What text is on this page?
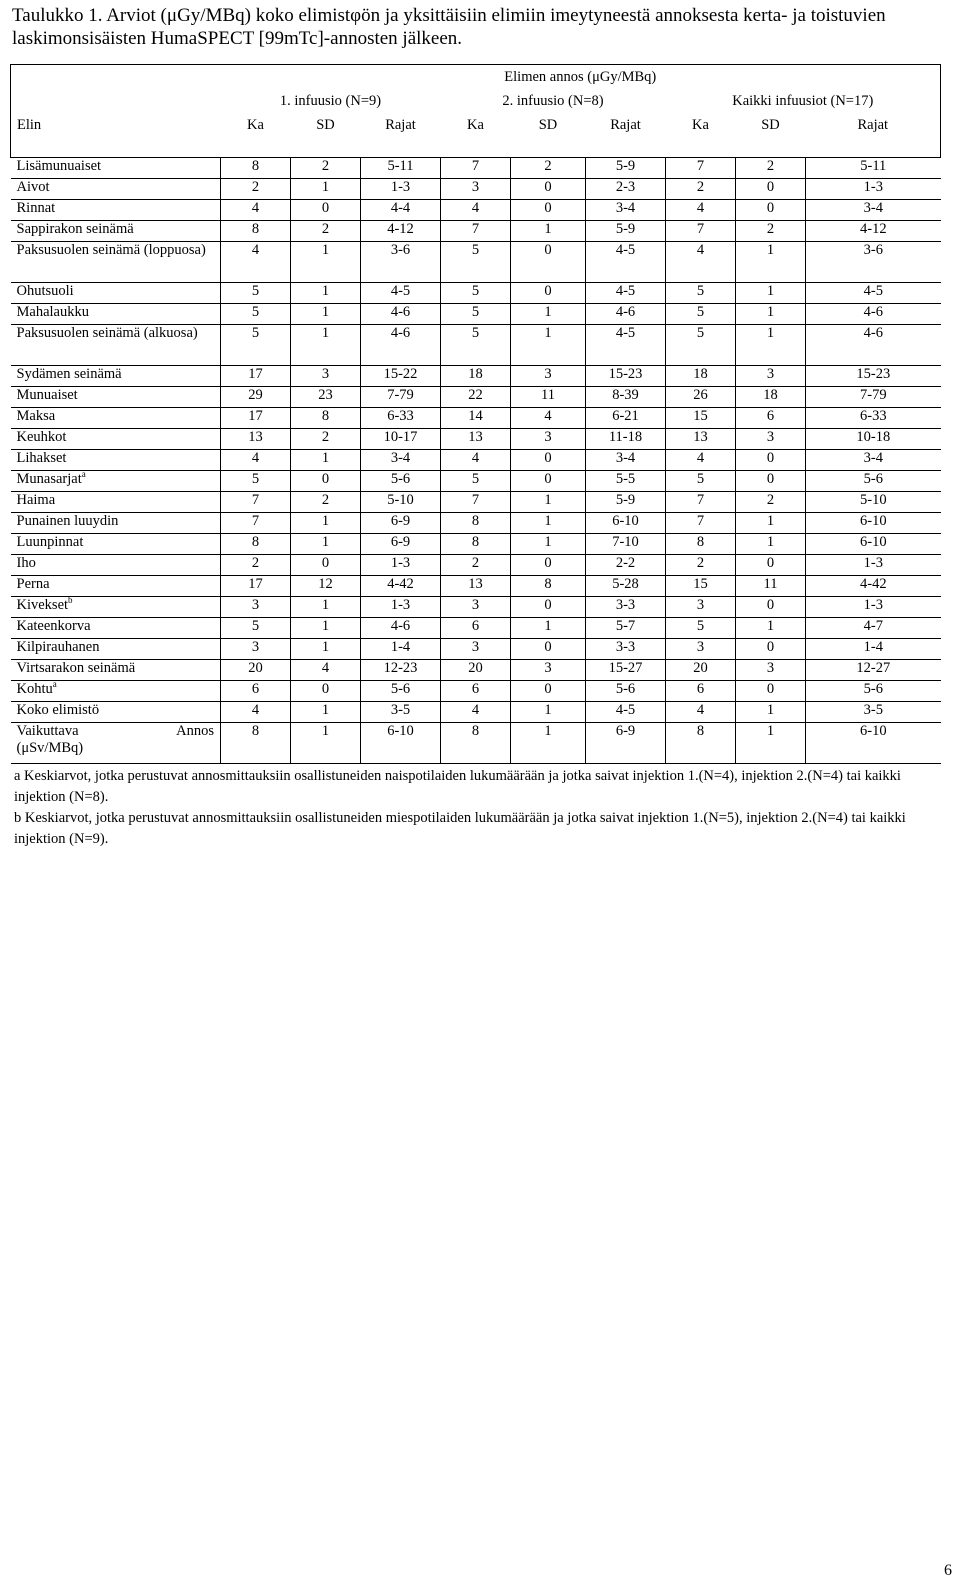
Taulukko 1. Arviot (μGy/MBq) koko elimistφön ja yksittäisiin elimiin imeytyneestä annoksesta kerta- ja toistuvien laskimonsisäisten HumaSPECT [99mTc]-annosten jälkeen.
	Elimen annos (μGy/MBq)								
	1. infuusio (N=9)			2. infuusio (N=8)			Kaikki infuusiot (N=17)		
Elin	Ka	SD	Rajat	Ka	SD	Rajat	Ka	SD	Rajat

Lisämunuaiset	8	2	5-11	7	2	5-9	7	2	5-11
Aivot	2	1	1-3	3	0	2-3	2	0	1-3
Rinnat	4	0	4-4	4	0	3-4	4	0	3-4
Sappirakon seinämä	8	2	4-12	7	1	5-9	7	2	4-12
Paksusuolen seinämä (loppuosa)	4	1	3-6	5	0	4-5	4	1	3-6
Ohutsuoli	5	1	4-5	5	0	4-5	5	1	4-5
Mahalaukku	5	1	4-6	5	1	4-6	5	1	4-6
Paksusuolen seinämä (alkuosa)	5	1	4-6	5	1	4-5	5	1	4-6
Sydämen seinämä	17	3	15-22	18	3	15-23	18	3	15-23
Munuaiset	29	23	7-79	22	11	8-39	26	18	7-79
Maksa	17	8	6-33	14	4	6-21	15	6	6-33
Keuhkot	13	2	10-17	13	3	11-18	13	3	10-18
Lihakset	4	1	3-4	4	0	3-4	4	0	3-4
Munasarjat$^a$	5	0	5-6	5	0	5-5	5	0	5-6
Haima	7	2	5-10	7	1	5-9	7	2	5-10
Punainen luuydin	7	1	6-9	8	1	6-10	7	1	6-10
Luunpinnat	8	1	6-9	8	1	7-10	8	1	6-10
Iho	2	0	1-3	2	0	2-2	2	0	1-3
Perna	17	12	4-42	13	8	5-28	15	11	4-42
Kivekset$^b$	3	1	1-3	3	0	3-3	3	0	1-3
Kateenkorva	5	1	4-6	6	1	5-7	5	1	4-7
Kilpirauhanen	3	1	1-4	3	0	3-3	3	0	1-4
Virtsarakon seinämä	20	4	12-23	20	3	15-27	20	3	12-27
Kohtu$^a$	6	0	5-6	6	0	5-6	6	0	5-6
Koko elimistö	4	1	3-5	4	1	4-5	4	1	3-5

Vaikuttava Annos
(μSv/MBq)	8	1	6-10	8	1	6-9	8	1	6-10
a Keskiarvot, jotka perustuvat annosmittauksiin osallistuneiden naispotilaiden lukumäärään ja jotka saivat injektion 1.(N=4), injektion 2.(N=4) tai kaikki injektion (N=8).
b Keskiarvot, jotka perustuvat annosmittauksiin osallistuneiden miespotilaiden lukumäärään ja jotka saivat injektion 1.(N=5), injektion 2.(N=4) tai kaikki injektion (N=9).
6
